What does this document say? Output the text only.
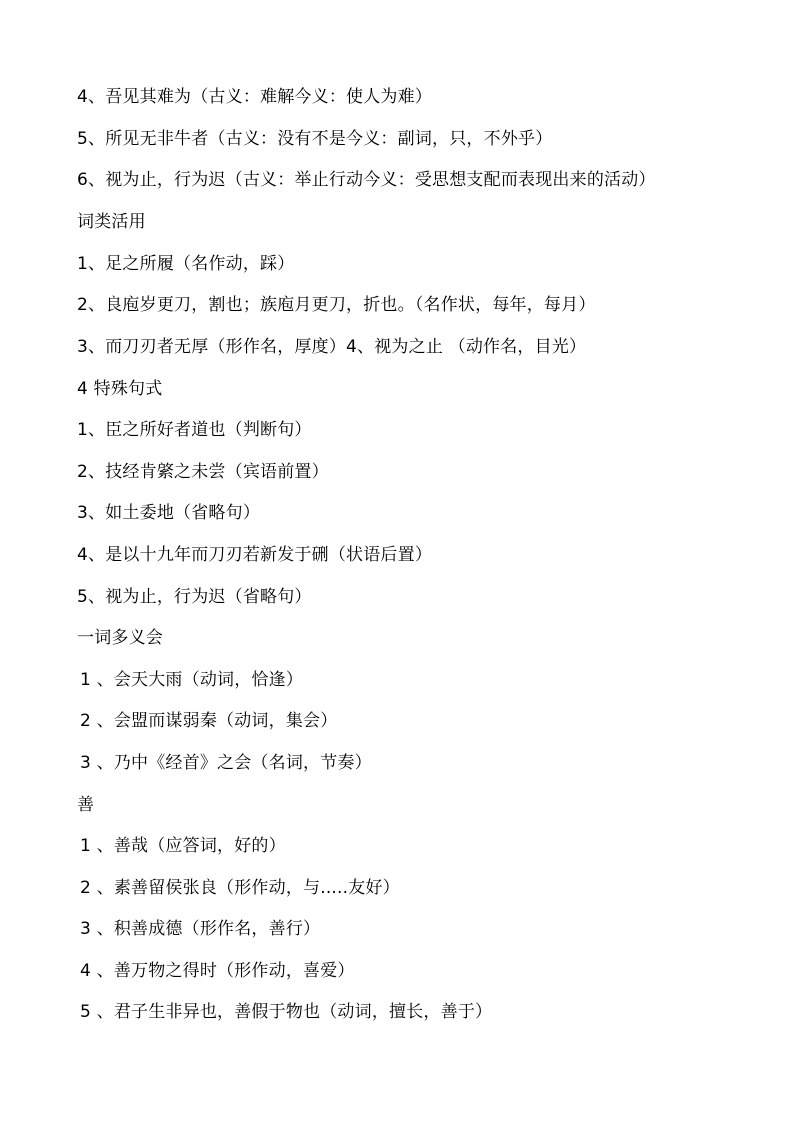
4、吾见其难为（古义：难解今义：使人为难）
5、所见无非牛者（古义：没有不是今义：副词，只，不外乎）
6、视为止，行为迟（古义：举止行动今义：受思想支配而表现出来的活动）
词类活用
1、足之所履（名作动，踩）
2、良庖岁更刀，割也；族庖月更刀，折也。（名作状，每年，每月）
3、而刀刃者无厚（形作名，厚度）4、视为之止 （动作名，目光）
4 特殊句式
1、臣之所好者道也（判断句）
2、技经肯綮之未尝（宾语前置）
3、如土委地（省略句）
4、是以十九年而刀刃若新发于硎（状语后置）
5、视为止，行为迟（省略句）
一词多义会
1 、会天大雨（动词，恰逢）
2 、会盟而谋弱秦（动词，集会）
3 、乃中《经首》之会（名词，节奏）
善
1 、善哉（应答词，好的）
2 、素善留侯张良（形作动，与.....友好）
3 、积善成德（形作名，善行）
4 、善万物之得时（形作动，喜爱）
5 、君子生非异也，善假于物也（动词，擅长，善于）
